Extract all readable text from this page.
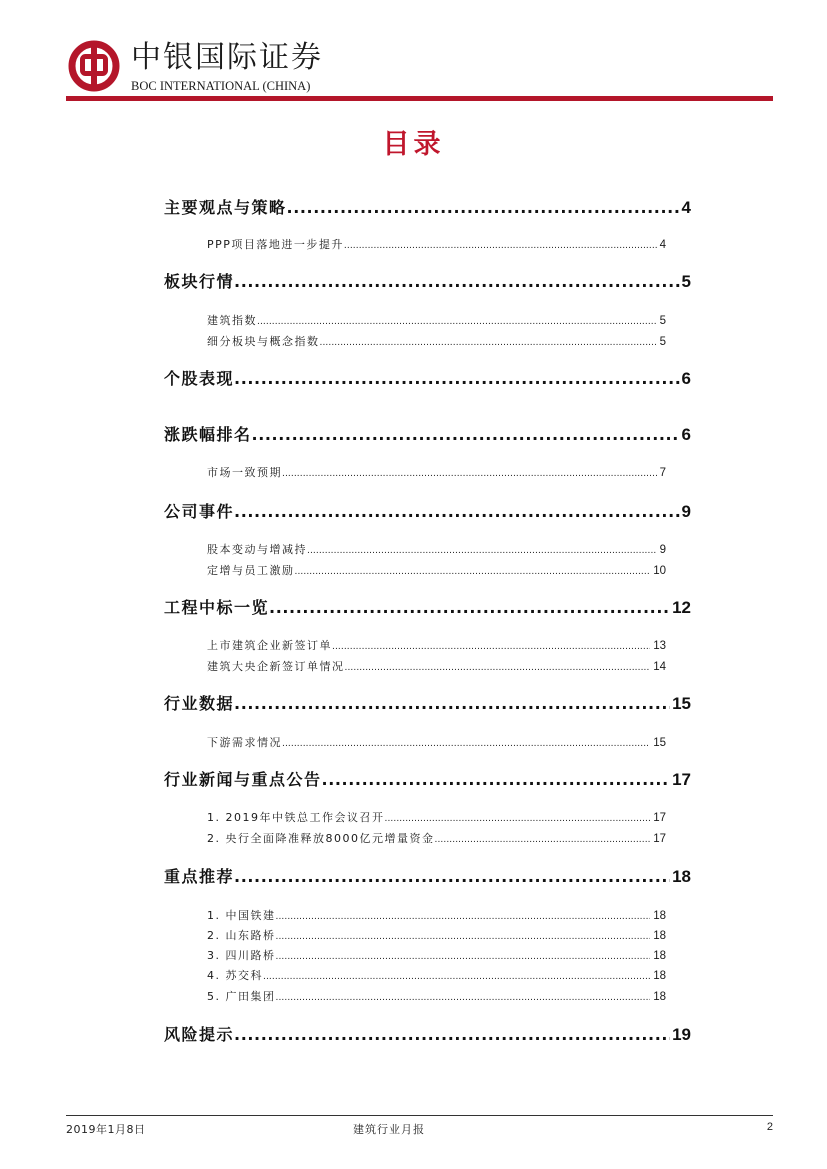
中银国际证券
BOC INTERNATIONAL (CHINA)
目录
主要观点与策略 .....	4
PPP项目落地进一步提升 .....	4
板块行情 .....	5
建筑指数 .....	5
细分板块与概念指数 .....	5
个股表现 .....	6
涨跌幅排名 .....	6
市场一致预期 .....	7
公司事件 .....	9
股本变动与增减持 .....	9
定增与员工激励 .....	10
工程中标一览 .....	12
上市建筑企业新签订单 .....	13
建筑大央企新签订单情况 .....	14
行业数据 .....	15
下游需求情况 .....	15
行业新闻与重点公告 .....	17
1. 2019年中铁总工作会议召开 .....	17
2. 央行全面降准释放8000亿元增量资金 .....	17
重点推荐 .....	18
1. 中国铁建 .....	18
2. 山东路桥 .....	18
3. 四川路桥 .....	18
4. 苏交科 .....	18
5. 广田集团 .....	18
风险提示 .....	19
2019年1月8日	建筑行业月报	2
